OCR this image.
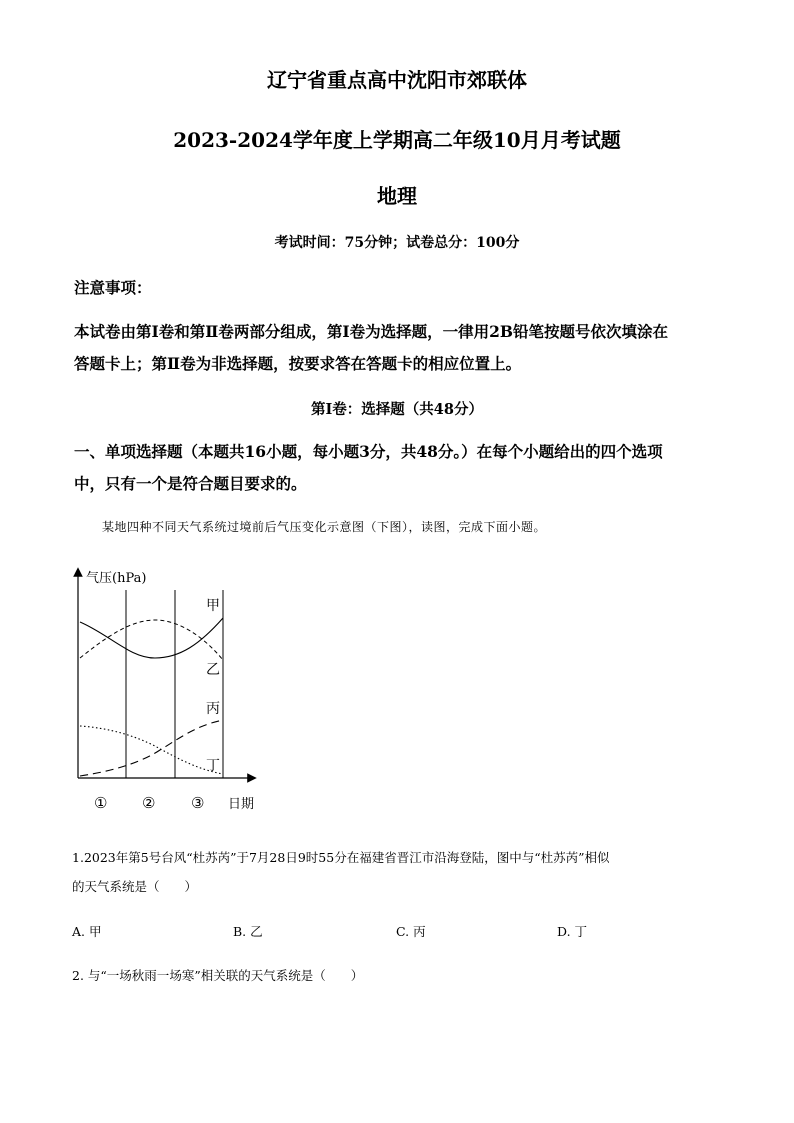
辽宁省重点高中沈阳市郊联体
2023-2024学年度上学期高二年级10月月考试题
地理
考试时间：75分钟；试卷总分：100分
注意事项：
本试卷由第Ⅰ卷和第Ⅱ卷两部分组成，第Ⅰ卷为选择题，一律用2B铅笔按题号依次填涂在
答题卡上；第Ⅱ卷为非选择题，按要求答在答题卡的相应位置上。
第Ⅰ卷：选择题（共48分）
一、单项选择题（本题共16小题，每小题3分，共48分。）在每个小题给出的四个选项
中，只有一个是符合题目要求的。
某地四种不同天气系统过境前后气压变化示意图（下图），读图，完成下面小题。
气压(hPa)
甲
乙
丙
丁
① ② ③ 日期
1.2023年第5号台风“杜苏芮”于7月28日9时55分在福建省晋江市沿海登陆，图中与“杜苏芮”相似
的天气系统是（　　）
A. 甲	B. 乙	C. 丙	D. 丁
2. 与“一场秋雨一场寒”相关联的天气系统是（　　）
